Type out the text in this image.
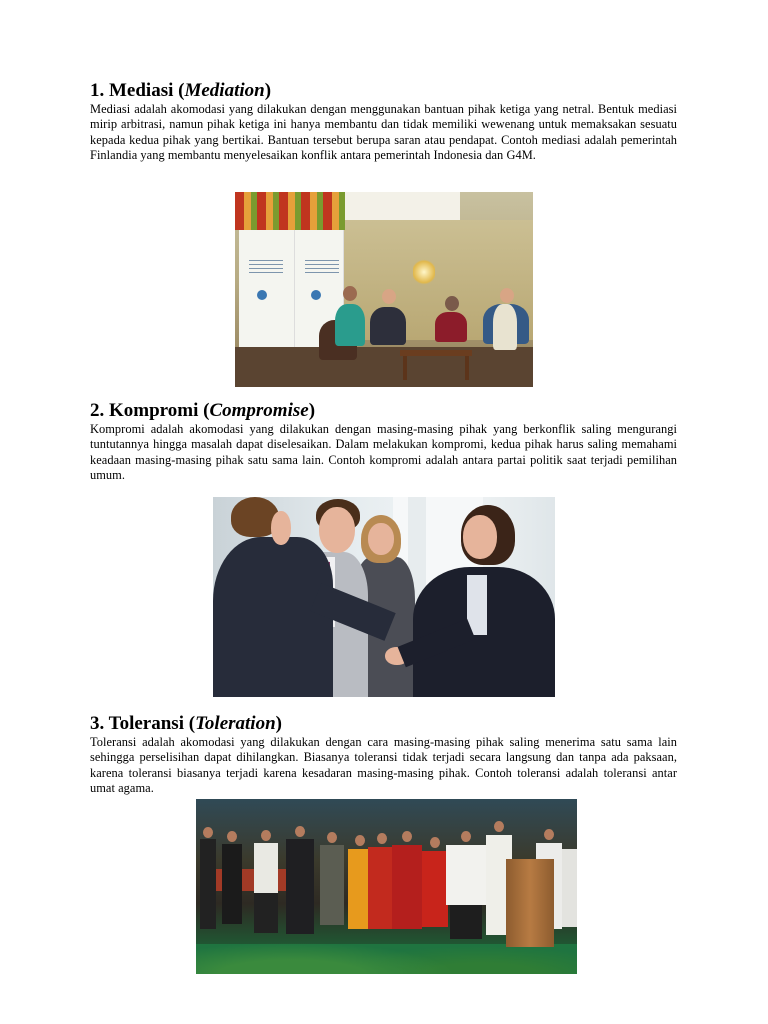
1. Mediasi (Mediation)

Mediasi adalah akomodasi yang dilakukan dengan menggunakan bantuan pihak ketiga yang netral. Bentuk mediasi mirip arbitrasi, namun pihak ketiga ini hanya membantu dan tidak memiliki wewenang untuk memaksakan sesuatu kepada kedua pihak yang bertikai. Bantuan tersebut berupa saran atau pendapat. Contoh mediasi adalah pemerintah Finlandia yang membantu menyelesaikan konflik antara pemerintah Indonesia dan G4M.

2. Kompromi (Compromise)

Kompromi adalah akomodasi yang dilakukan dengan masing-masing pihak yang berkonflik saling mengurangi tuntutannya hingga masalah dapat diselesaikan. Dalam melakukan kompromi, kedua pihak harus saling memahami keadaan masing-masing pihak satu sama lain. Contoh kompromi adalah antara partai politik saat terjadi pemilihan umum.

3. Toleransi (Toleration)

Toleransi adalah akomodasi yang dilakukan dengan cara masing-masing pihak saling menerima satu sama lain sehingga perselisihan dapat dihilangkan. Biasanya toleransi tidak terjadi secara langsung dan tanpa ada paksaan, karena toleransi biasanya terjadi karena kesadaran masing-masing pihak. Contoh toleransi adalah toleransi antar umat agama.
